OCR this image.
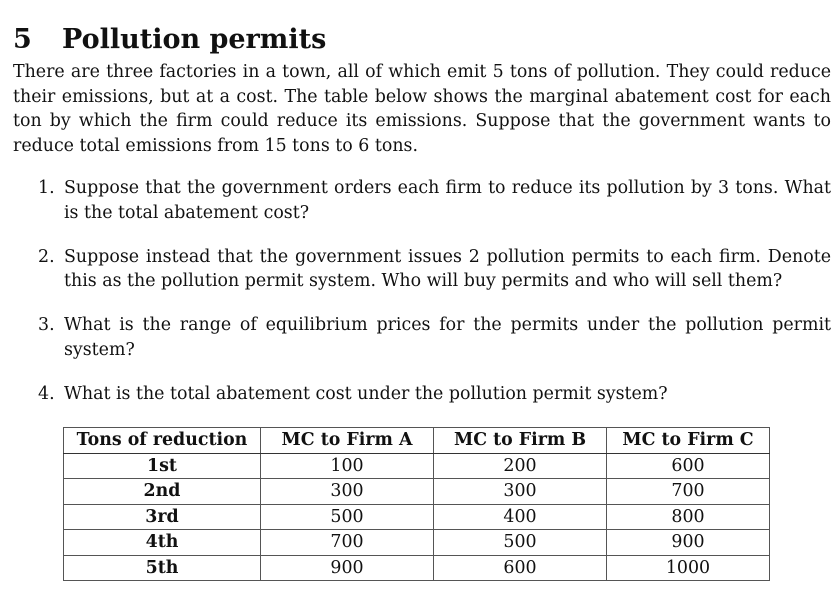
5 Pollution permits

There are three factories in a town, all of which emit 5 tons of pollution. They could reduce their emissions, but at a cost. The table below shows the marginal abatement cost for each ton by which the firm could reduce its emissions. Suppose that the government wants to reduce total emissions from 15 tons to 6 tons.

1. Suppose that the government orders each firm to reduce its pollution by 3 tons. What is the total abatement cost?
2. Suppose instead that the government issues 2 pollution permits to each firm. Denote this as the pollution permit system. Who will buy permits and who will sell them?
3. What is the range of equilibrium prices for the permits under the pollution permit system?
4. What is the total abatement cost under the pollution permit system?
Tons of reduction	MC to Firm A	MC to Firm B	MC to Firm C
1st	100	200	600
2nd	300	300	700
3rd	500	400	800
4th	700	500	900
5th	900	600	1000
